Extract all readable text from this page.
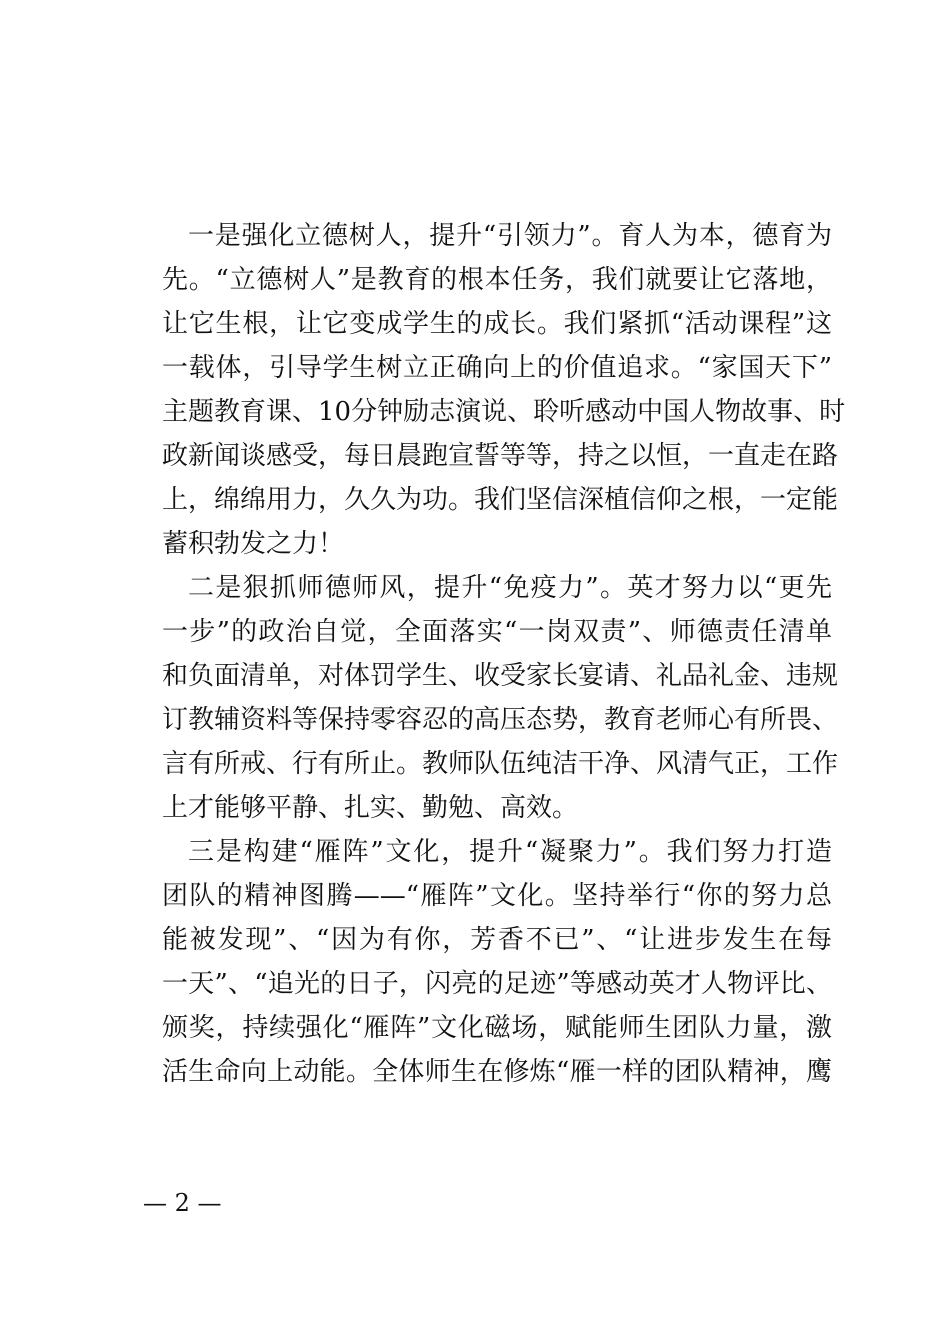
一是强化立德树人，提升“引领力”。育人为本，德育为
先。“立德树人”是教育的根本任务，我们就要让它落地，
让它生根，让它变成学生的成长。我们紧抓“活动课程”这
一载体，引导学生树立正确向上的价值追求。“家国天下”
主题教育课、10分钟励志演说、聆听感动中国人物故事、时
政新闻谈感受，每日晨跑宣誓等等，持之以恒，一直走在路
上，绵绵用力，久久为功。我们坚信深植信仰之根，一定能
蓄积勃发之力！
二是狠抓师德师风，提升“免疫力”。英才努力以“更先
一步”的政治自觉，全面落实“一岗双责”、师德责任清单
和负面清单，对体罚学生、收受家长宴请、礼品礼金、违规
订教辅资料等保持零容忍的高压态势，教育老师心有所畏、
言有所戒、行有所止。教师队伍纯洁干净、风清气正，工作
上才能够平静、扎实、勤勉、高效。
三是构建“雁阵”文化，提升“凝聚力”。我们努力打造
团队的精神图腾——“雁阵”文化。坚持举行“你的努力总
能被发现”、“因为有你，芳香不已”、“让进步发生在每
一天”、“追光的日子，闪亮的足迹”等感动英才人物评比、
颁奖，持续强化“雁阵”文化磁场，赋能师生团队力量，激
活生命向上动能。全体师生在修炼“雁一样的团队精神，鹰
— 2 —
